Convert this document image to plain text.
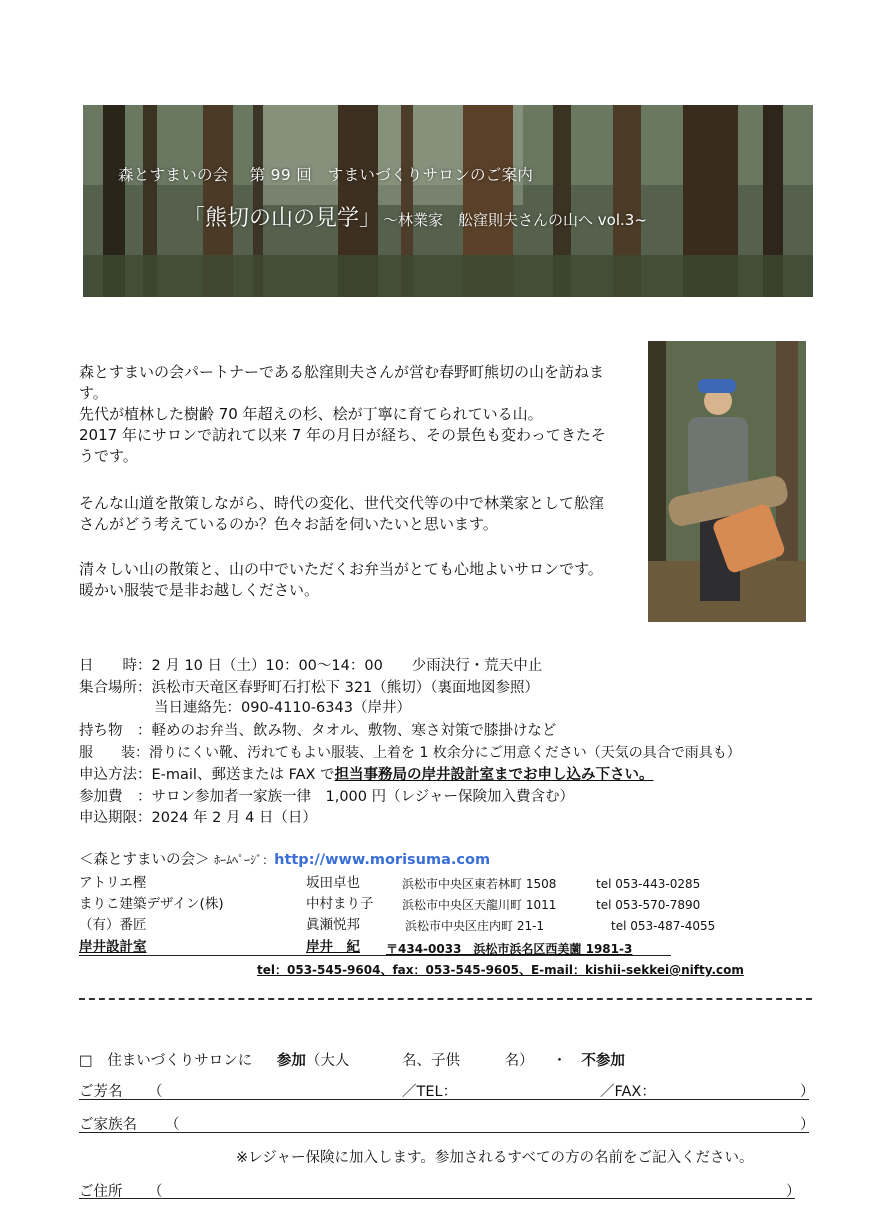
森とすまいの会　 第 99 回　すまいづくりサロンのご案内
「熊切の山の見学」 〜林業家　舩窪則夫さんの山へ vol.3~
森とすまいの会パートナーである舩窪則夫さんが営む春野町熊切の山を訪ねます。
先代が植林した樹齢 70 年超えの杉、桧が丁寧に育てられている山。
2017 年にサロンで訪れて以来 7 年の月日が経ち、その景色も変わってきたそうです。
そんな山道を散策しながら、時代の変化、世代交代等の中で林業家として舩窪さんがどう考えているのか？色々お話を伺いたいと思います。
清々しい山の散策と、山の中でいただくお弁当がとても心地よいサロンです。暖かい服装で是非お越しください。
日　　時：2 月 10 日（土）10：00〜14：00　　少雨決行・荒天中止
集合場所：浜松市天竜区春野町石打松下 321（熊切）（裏面地図参照）
当日連絡先：090-4110-6343（岸井）
持ち物　：軽めのお弁当、飲み物、タオル、敷物、寒さ対策で膝掛けなど
服　　装：滑りにくい靴、汚れてもよい服装、上着を 1 枚余分にご用意ください（天気の具合で雨具も）
申込方法：E-mail、郵送または FAX で担当事務局の岸井設計室までお申し込み下さい。
参加費　：サロン参加者一家族一律　1,000 円（レジャー保険加入費含む）
申込期限：2024 年 2 月 4 日（日）
＜森とすまいの会＞ ﾎｰﾑﾍﾟｰｼﾞ：http://www.morisuma.com
アトリエ樫	坂田卓也	浜松市中央区東若林町 1508	tel 053-443-0285
まりこ建築デザイン(株)	中村まり子 浜松市中央区天龍川町 1011	tel 053-570-7890
（有）番匠	眞瀬悦邦	浜松市中央区庄内町 21-1	tel 053-487-4055
岸井設計室	岸井　紀 〒434-0033　浜松市浜名区西美薗 1981-3
tel：053-545-9604、fax：053-545-9605、E-mail：kishii-sekkei@nifty.com
□ 住まいづくりサロンに 参加（大人	名、子供	名） ・ 不参加
ご芳名 （	／TEL：	／FAX：	）
ご家族名 （	）
※レジャー保険に加入します。参加されるすべての方の名前をご記入ください。
ご住所 （	）
